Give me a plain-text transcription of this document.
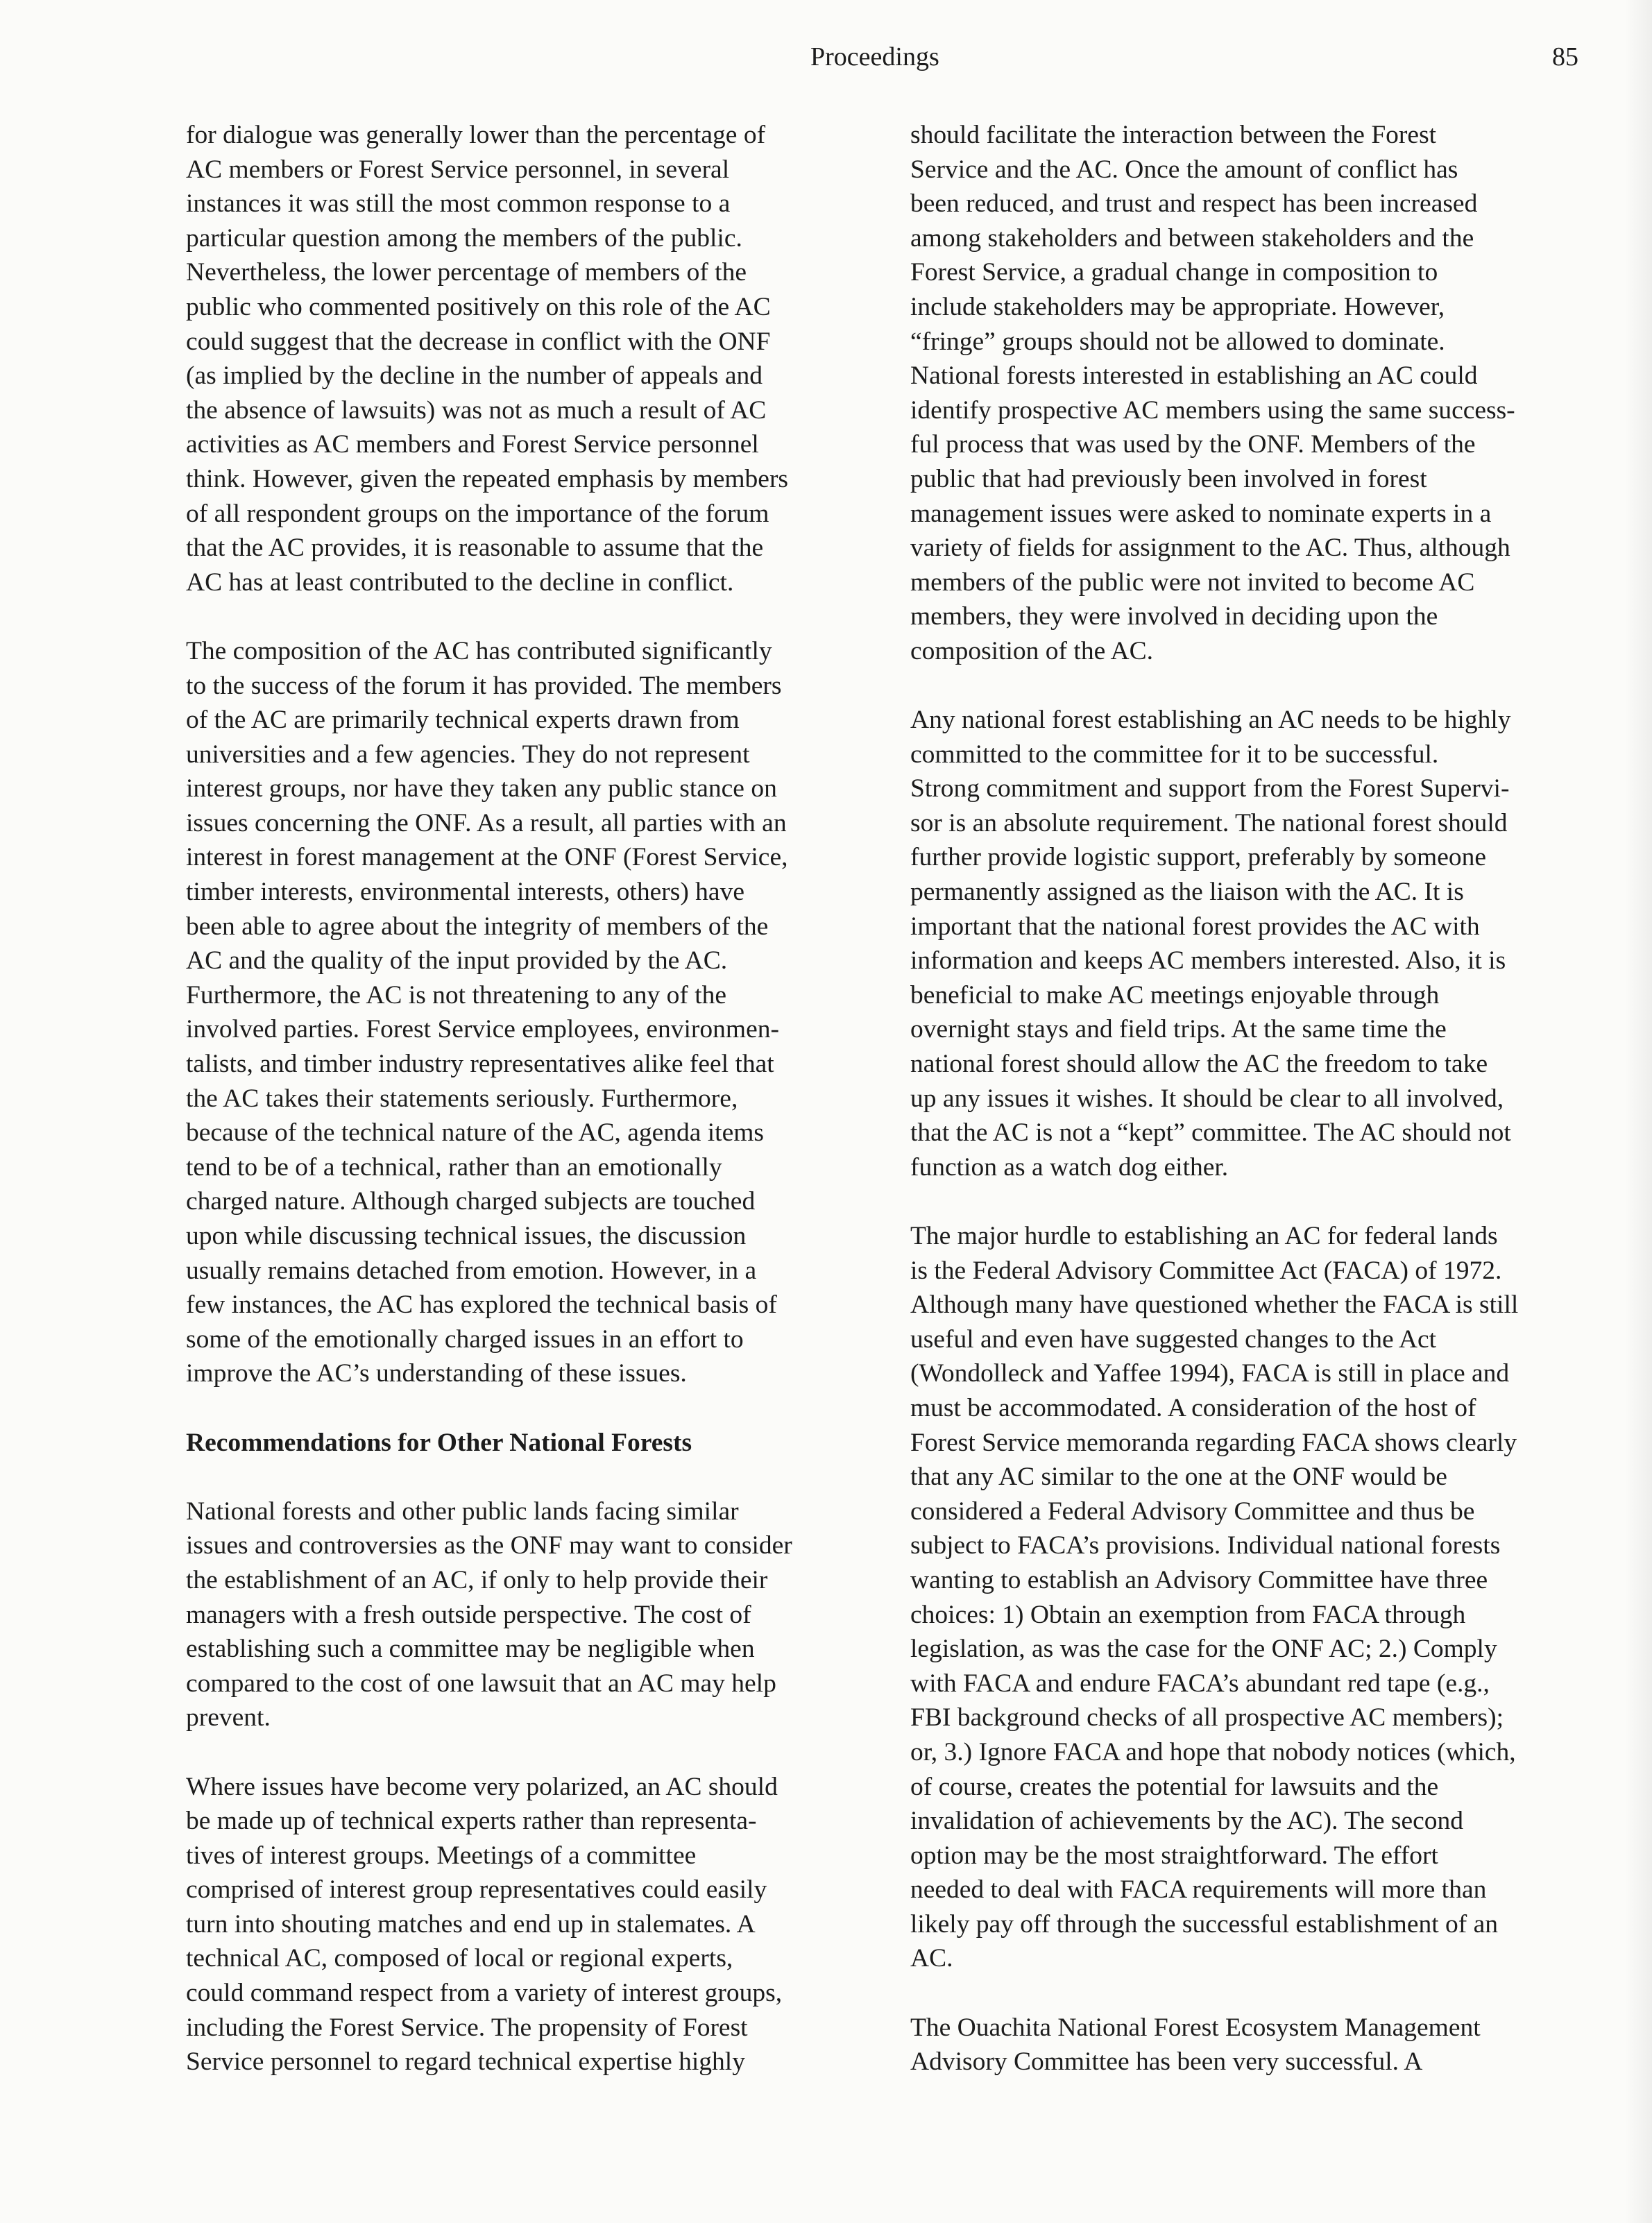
Proceedings	85
for dialogue was generally lower than the percentage of
AC members or Forest Service personnel, in several
instances it was still the most common response to a
particular question among the members of the public.
Nevertheless, the lower percentage of members of the
public who commented positively on this role of the AC
could suggest that the decrease in conflict with the ONF
(as implied by the decline in the number of appeals and
the absence of lawsuits) was not as much a result of AC
activities as AC members and Forest Service personnel
think. However, given the repeated emphasis by members
of all respondent groups on the importance of the forum
that the AC provides, it is reasonable to assume that the
AC has at least contributed to the decline in conflict.
The composition of the AC has contributed significantly
to the success of the forum it has provided. The members
of the AC are primarily technical experts drawn from
universities and a few agencies. They do not represent
interest groups, nor have they taken any public stance on
issues concerning the ONF. As a result, all parties with an
interest in forest management at the ONF (Forest Service,
timber interests, environmental interests, others) have
been able to agree about the integrity of members of the
AC and the quality of the input provided by the AC.
Furthermore, the AC is not threatening to any of the
involved parties. Forest Service employees, environmen-
talists, and timber industry representatives alike feel that
the AC takes their statements seriously. Furthermore,
because of the technical nature of the AC, agenda items
tend to be of a technical, rather than an emotionally
charged nature. Although charged subjects are touched
upon while discussing technical issues, the discussion
usually remains detached from emotion. However, in a
few instances, the AC has explored the technical basis of
some of the emotionally charged issues in an effort to
improve the AC’s understanding of these issues.
Recommendations for Other National Forests
National forests and other public lands facing similar
issues and controversies as the ONF may want to consider
the establishment of an AC, if only to help provide their
managers with a fresh outside perspective. The cost of
establishing such a committee may be negligible when
compared to the cost of one lawsuit that an AC may help
prevent.
Where issues have become very polarized, an AC should
be made up of technical experts rather than representa-
tives of interest groups. Meetings of a committee
comprised of interest group representatives could easily
turn into shouting matches and end up in stalemates. A
technical AC, composed of local or regional experts,
could command respect from a variety of interest groups,
including the Forest Service. The propensity of Forest
Service personnel to regard technical expertise highly
should facilitate the interaction between the Forest
Service and the AC. Once the amount of conflict has
been reduced, and trust and respect has been increased
among stakeholders and between stakeholders and the
Forest Service, a gradual change in composition to
include stakeholders may be appropriate. However,
“fringe” groups should not be allowed to dominate.
National forests interested in establishing an AC could
identify prospective AC members using the same success-
ful process that was used by the ONF. Members of the
public that had previously been involved in forest
management issues were asked to nominate experts in a
variety of fields for assignment to the AC. Thus, although
members of the public were not invited to become AC
members, they were involved in deciding upon the
composition of the AC.
Any national forest establishing an AC needs to be highly
committed to the committee for it to be successful.
Strong commitment and support from the Forest Supervi-
sor is an absolute requirement. The national forest should
further provide logistic support, preferably by someone
permanently assigned as the liaison with the AC. It is
important that the national forest provides the AC with
information and keeps AC members interested. Also, it is
beneficial to make AC meetings enjoyable through
overnight stays and field trips. At the same time the
national forest should allow the AC the freedom to take
up any issues it wishes. It should be clear to all involved,
that the AC is not a “kept” committee. The AC should not
function as a watch dog either.
The major hurdle to establishing an AC for federal lands
is the Federal Advisory Committee Act (FACA) of 1972.
Although many have questioned whether the FACA is still
useful and even have suggested changes to the Act
(Wondolleck and Yaffee 1994), FACA is still in place and
must be accommodated. A consideration of the host of
Forest Service memoranda regarding FACA shows clearly
that any AC similar to the one at the ONF would be
considered a Federal Advisory Committee and thus be
subject to FACA’s provisions. Individual national forests
wanting to establish an Advisory Committee have three
choices: 1) Obtain an exemption from FACA through
legislation, as was the case for the ONF AC; 2.) Comply
with FACA and endure FACA’s abundant red tape (e.g.,
FBI background checks of all prospective AC members);
or, 3.) Ignore FACA and hope that nobody notices (which,
of course, creates the potential for lawsuits and the
invalidation of achievements by the AC). The second
option may be the most straightforward. The effort
needed to deal with FACA requirements will more than
likely pay off through the successful establishment of an
AC.
The Ouachita National Forest Ecosystem Management
Advisory Committee has been very successful. A
